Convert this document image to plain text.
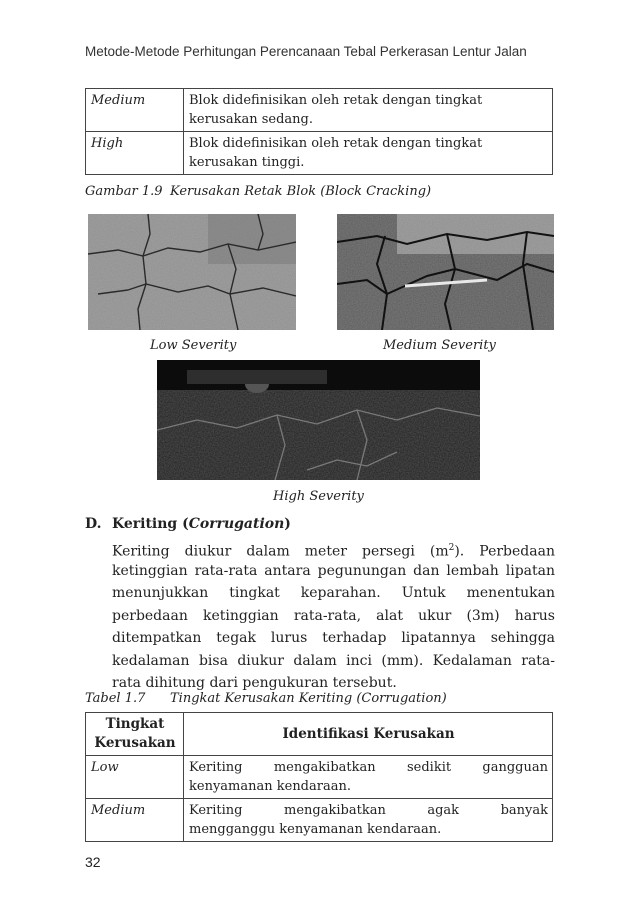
Metode-Metode Perhitungan Perencanaan Tebal Perkerasan Lentur Jalan
Medium	Blok didefinisikan oleh retak dengan tingkat
kerusakan sedang.
High	Blok didefinisikan oleh retak dengan tingkat
kerusakan tinggi.
Gambar 1.9 Kerusakan Retak Blok (Block Cracking)
Low Severity	Medium Severity
High Severity
D. Keriting (Corrugation)
Keriting diukur dalam meter persegi $(m^2)$. Perbedaan
ketinggian rata-rata antara pegunungan dan lembah lipatan
menunjukkan tingkat keparahan. Untuk menentukan
perbedaan ketinggian rata-rata, alat ukur (3m) harus
ditempatkan tegak lurus terhadap lipatannya sehingga
kedalaman bisa diukur dalam inci (mm). Kedalaman rata-
rata dihitung dari pengukuran tersebut.
Tabel 1.7 Tingkat Kerusakan Keriting (Corrugation)
Tingkat
Kerusakan	Identifikasi Kerusakan
Low	Keriting mengakibatkan sedikit gangguan
kenyamanan kendaraan.

Medium	Keriting mengakibatkan agak banyak
mengganggu kenyamanan kendaraan.
32
